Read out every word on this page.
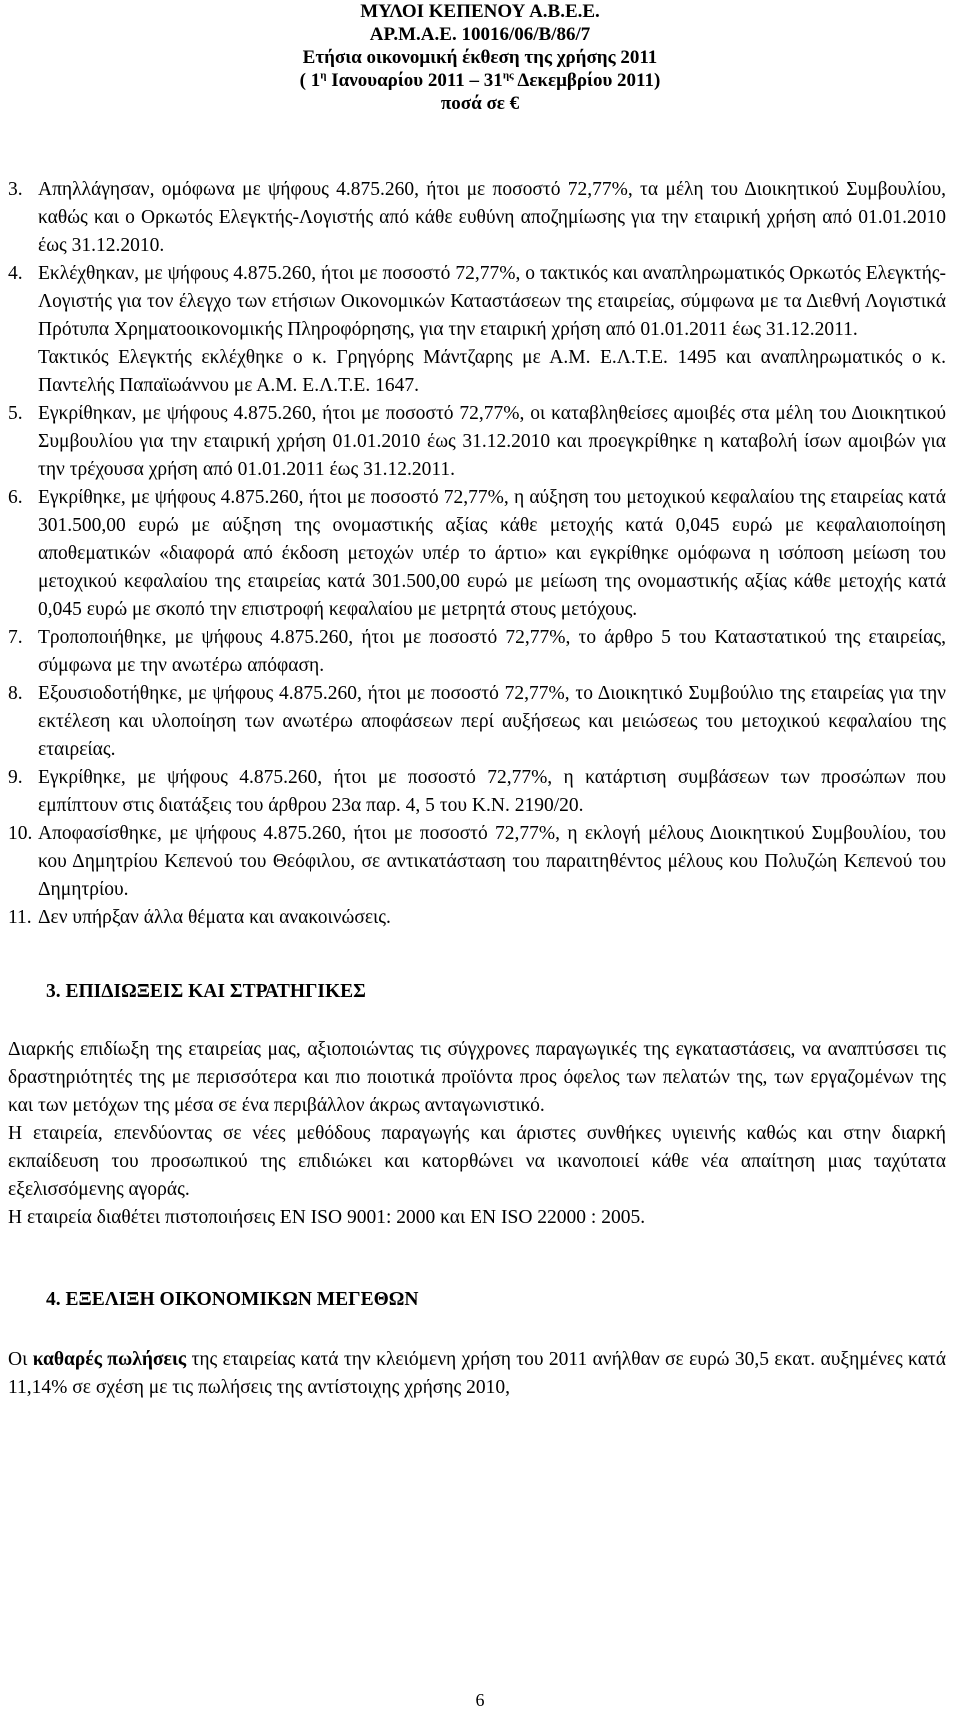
ΜΥΛΟΙ ΚΕΠΕΝΟΥ Α.Β.Ε.Ε.
ΑΡ.Μ.Α.Ε. 10016/06/Β/86/7
Ετήσια οικονομική έκθεση της χρήσης 2011
( $1^\eta$ Ιανουαρίου $2011 - 31^{\eta\varsigma}$ Δεκεμβρίου 2011)
ποσά σε €
3. Απηλλάγησαν, ομόφωνα με ψήφους 4.875.260, ήτοι με ποσοστό 72,77%, τα μέλη του Διοικητικού Συμβουλίου, καθώς και ο Ορκωτός Ελεγκτής-Λογιστής από κάθε ευθύνη αποζημίωσης για την εταιρική χρήση από 01.01.2010 έως 31.12.2010.
4. Εκλέχθηκαν, με ψήφους 4.875.260, ήτοι με ποσοστό 72,77%, ο τακτικός και αναπληρωματικός Ορκωτός Ελεγκτής-Λογιστής για τον έλεγχο των ετήσιων Οικονομικών Καταστάσεων της εταιρείας, σύμφωνα με τα Διεθνή Λογιστικά Πρότυπα Χρηματοοικονομικής Πληροφόρησης, για την εταιρική χρήση από 01.01.2011 έως 31.12.2011.
Τακτικός Ελεγκτής εκλέχθηκε ο κ. Γρηγόρης Μάντζαρης με Α.Μ. Ε.Λ.Τ.Ε. 1495 και αναπληρωματικός ο κ. Παντελής Παπαϊωάννου με Α.Μ. Ε.Λ.Τ.Ε. 1647.
5. Εγκρίθηκαν, με ψήφους 4.875.260, ήτοι με ποσοστό 72,77%, οι καταβληθείσες αμοιβές στα μέλη του Διοικητικού Συμβουλίου για την εταιρική χρήση 01.01.2010 έως 31.12.2010 και προεγκρίθηκε η καταβολή ίσων αμοιβών για την τρέχουσα χρήση από 01.01.2011 έως 31.12.2011.
6. Εγκρίθηκε, με ψήφους 4.875.260, ήτοι με ποσοστό 72,77%, η αύξηση του μετοχικού κεφαλαίου της εταιρείας κατά 301.500,00 ευρώ με αύξηση της ονομαστικής αξίας κάθε μετοχής κατά 0,045 ευρώ με κεφαλαιοποίηση αποθεματικών «διαφορά από έκδοση μετοχών υπέρ το άρτιο» και εγκρίθηκε ομόφωνα η ισόποση μείωση του μετοχικού κεφαλαίου της εταιρείας κατά 301.500,00 ευρώ με μείωση της ονομαστικής αξίας κάθε μετοχής κατά 0,045 ευρώ με σκοπό την επιστροφή κεφαλαίου με μετρητά στους μετόχους.
7. Τροποποιήθηκε, με ψήφους 4.875.260, ήτοι με ποσοστό 72,77%, το άρθρο 5 του Καταστατικού της εταιρείας, σύμφωνα με την ανωτέρω απόφαση.
8. Εξουσιοδοτήθηκε, με ψήφους 4.875.260, ήτοι με ποσοστό 72,77%, το Διοικητικό Συμβούλιο της εταιρείας για την εκτέλεση και υλοποίηση των ανωτέρω αποφάσεων περί αυξήσεως και μειώσεως του μετοχικού κεφαλαίου της εταιρείας.
9. Εγκρίθηκε, με ψήφους 4.875.260, ήτοι με ποσοστό 72,77%, η κατάρτιση συμβάσεων των προσώπων που εμπίπτουν στις διατάξεις του άρθρου 23α παρ. 4, 5 του Κ.Ν. 2190/20.
10. Αποφασίσθηκε, με ψήφους 4.875.260, ήτοι με ποσοστό 72,77%, η εκλογή μέλους Διοικητικού Συμβουλίου, του κου Δημητρίου Κεπενού του Θεόφιλου, σε αντικατάσταση του παραιτηθέντος μέλους κου Πολυζώη Κεπενού του Δημητρίου.
11. Δεν υπήρξαν άλλα θέματα και ανακοινώσεις.
3. ΕΠΙΔΙΩΞΕΙΣ ΚΑΙ ΣΤΡΑΤΗΓΙΚΕΣ
Διαρκής επιδίωξη της εταιρείας μας, αξιοποιώντας τις σύγχρονες παραγωγικές της εγκαταστάσεις, να αναπτύσσει τις δραστηριότητές της με περισσότερα και πιο ποιοτικά προϊόντα προς όφελος των πελατών της, των εργαζομένων της και των μετόχων της μέσα σε ένα περιβάλλον άκρως ανταγωνιστικό.
Η εταιρεία, επενδύοντας σε νέες μεθόδους παραγωγής και άριστες συνθήκες υγιεινής καθώς και στην διαρκή εκπαίδευση του προσωπικού της επιδιώκει και κατορθώνει να ικανοποιεί κάθε νέα απαίτηση μιας ταχύτατα εξελισσόμενης αγοράς.
Η εταιρεία διαθέτει πιστοποιήσεις ΕΝ ISO 9001: 2000 και ΕΝ ISO 22000 : 2005.
4. ΕΞΕΛΙΞΗ ΟΙΚΟΝΟΜΙΚΩΝ ΜΕΓΕΘΩΝ
Οι καθαρές πωλήσεις της εταιρείας κατά την κλειόμενη χρήση του 2011 ανήλθαν σε ευρώ 30,5 εκατ. αυξημένες κατά 11,14% σε σχέση με τις πωλήσεις της αντίστοιχης χρήσης 2010,
6
